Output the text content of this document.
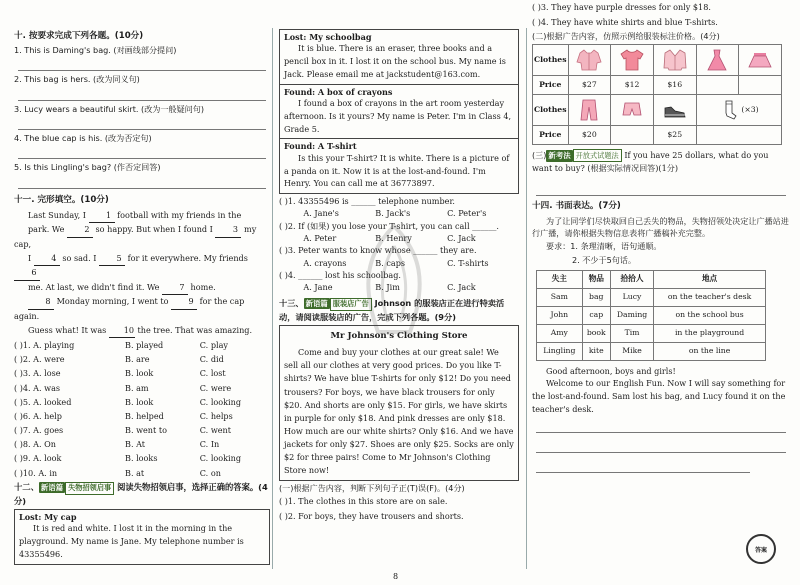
十. 按要求完成下列各题。(10分)
1. This is Daming's bag. (对画线部分提问)
2. This bag is hers. (改为同义句)
3. Lucy wears a beautiful skirt. (改为一般疑问句)
4. The blue cap is his. (改为否定句)
5. Is this Lingling's bag? (作否定回答)
十一. 完形填空。(10分)

Last Sunday, I 1 football with my friends in the

park. We 2 so happy. But when I found I 3 my cap,

I 4 so sad. I 5 for it everywhere. My friends 6

me. At last, we didn't find it. We 7 home.

8 Monday morning, I went to 9 for the cap again.

Guess what! It was 10 the tree. That was amazing.

( )1. A. playing	B. played	C. play
( )2. A. were	B. are	C. did
( )3. A. lose	B. look	C. lost
( )4. A. was	B. am	C. were
( )5. A. looked	B. look	C. looking
( )6. A. help	B. helped	C. helps
( )7. A. goes	B. went to	C. went
( )8. A. On	B. At	C. In
( )9. A. look	B. looks	C. looking
( )10. A. in	B. at	C. on
十二、 新语篇 失物招领启事 阅读失物招领启事，选择正确的答案。(4分)
Lost: My cap

It is red and white. I lost it in the morning in the playground. My name is Jane. My telephone number is 43355496.

Lost: My schoolbag

It is blue. There is an eraser, three books and a pencil box in it. I lost it on the school bus. My name is Jack. Please email me at jackstudent@163.com.

Found: A box of crayons

I found a box of crayons in the art room yesterday afternoon. Is it yours? My name is Peter. I'm in Class 4, Grade 5.

Found: A T-shirt

Is this your T-shirt? It is white. There is a picture of a panda on it. Now it is at the lost-and-found. I'm Henry. You can call me at 36773897.

( )1. 43355496 is ______ telephone number.
A. Jane's	B. Jack's	C. Peter's
( )2. If (如果) you lose your T-shirt, you can call ______.
A. Peter	B. Henry	C. Jack
( )3. Peter wants to know whose ______ they are.
A. crayons	B. caps	C. T-shirts
( )4. ______ lost his schoolbag.
A. Jane	B. Jim	C. Jack
十三、 新语篇 服装店广告 Johnson 的服装店正在进行特卖活动，请阅读服装店的广告，完成下列各题。(9分)
Mr Johnson's Clothing Store

Come and buy your clothes at our great sale! We sell all our clothes at very good prices. Do you like T-shirts? We have blue T-shirts for only $12! Do you need trousers? For boys, we have black trousers for only $20. And shorts are only $15. For girls, we have skirts in purple for only $18. And pink dresses are only $18. How much are our white shirts? Only $16. And we have jackets for only $27. Shoes are only $25. Socks are only $2 for three pairs! Come to Mr Johnson's Clothing Store now!

(一)根据广告内容，判断下列句子正(T)误(F)。(4分)
( )1. The clothes in this store are on sale.
( )2. For boys, they have trousers and shorts.
( )3. They have purple dresses for only $18.
( )4. They have white shirts and blue T-shirts.
(二)根据广告内容，仿照示例给服装标注价格。(4分)
Clothes	

Price	$27	$12	$16		
Clothes				(×3)	
Price	$20		$25		
(三) 新考法 开放式试题法 If you have 25 dollars, what do you want to buy? (根据实际情况回答)(1分)
十四. 书面表达。(7分)
为了让同学们尽快取回自己丢失的物品，失物招领处决定让广播站进行广播，请你根据失物信息表将广播稿补充完整。
要求：1. 条理清晰，语句通顺。
2. 不少于5句话。
失主	物品	拾拾人	地点
Sam	bag	Lucy	on the teacher's desk
John	cap	Daming	on the school bus
Amy	book	Tim	in the playground
Lingling	kite	Mike	on the line
Good afternoon, boys and girls!
Welcome to our English Fun. Now I will say something for the lost-and-found. Sam lost his bag, and Lucy found it on the teacher's desk.
8
答案
